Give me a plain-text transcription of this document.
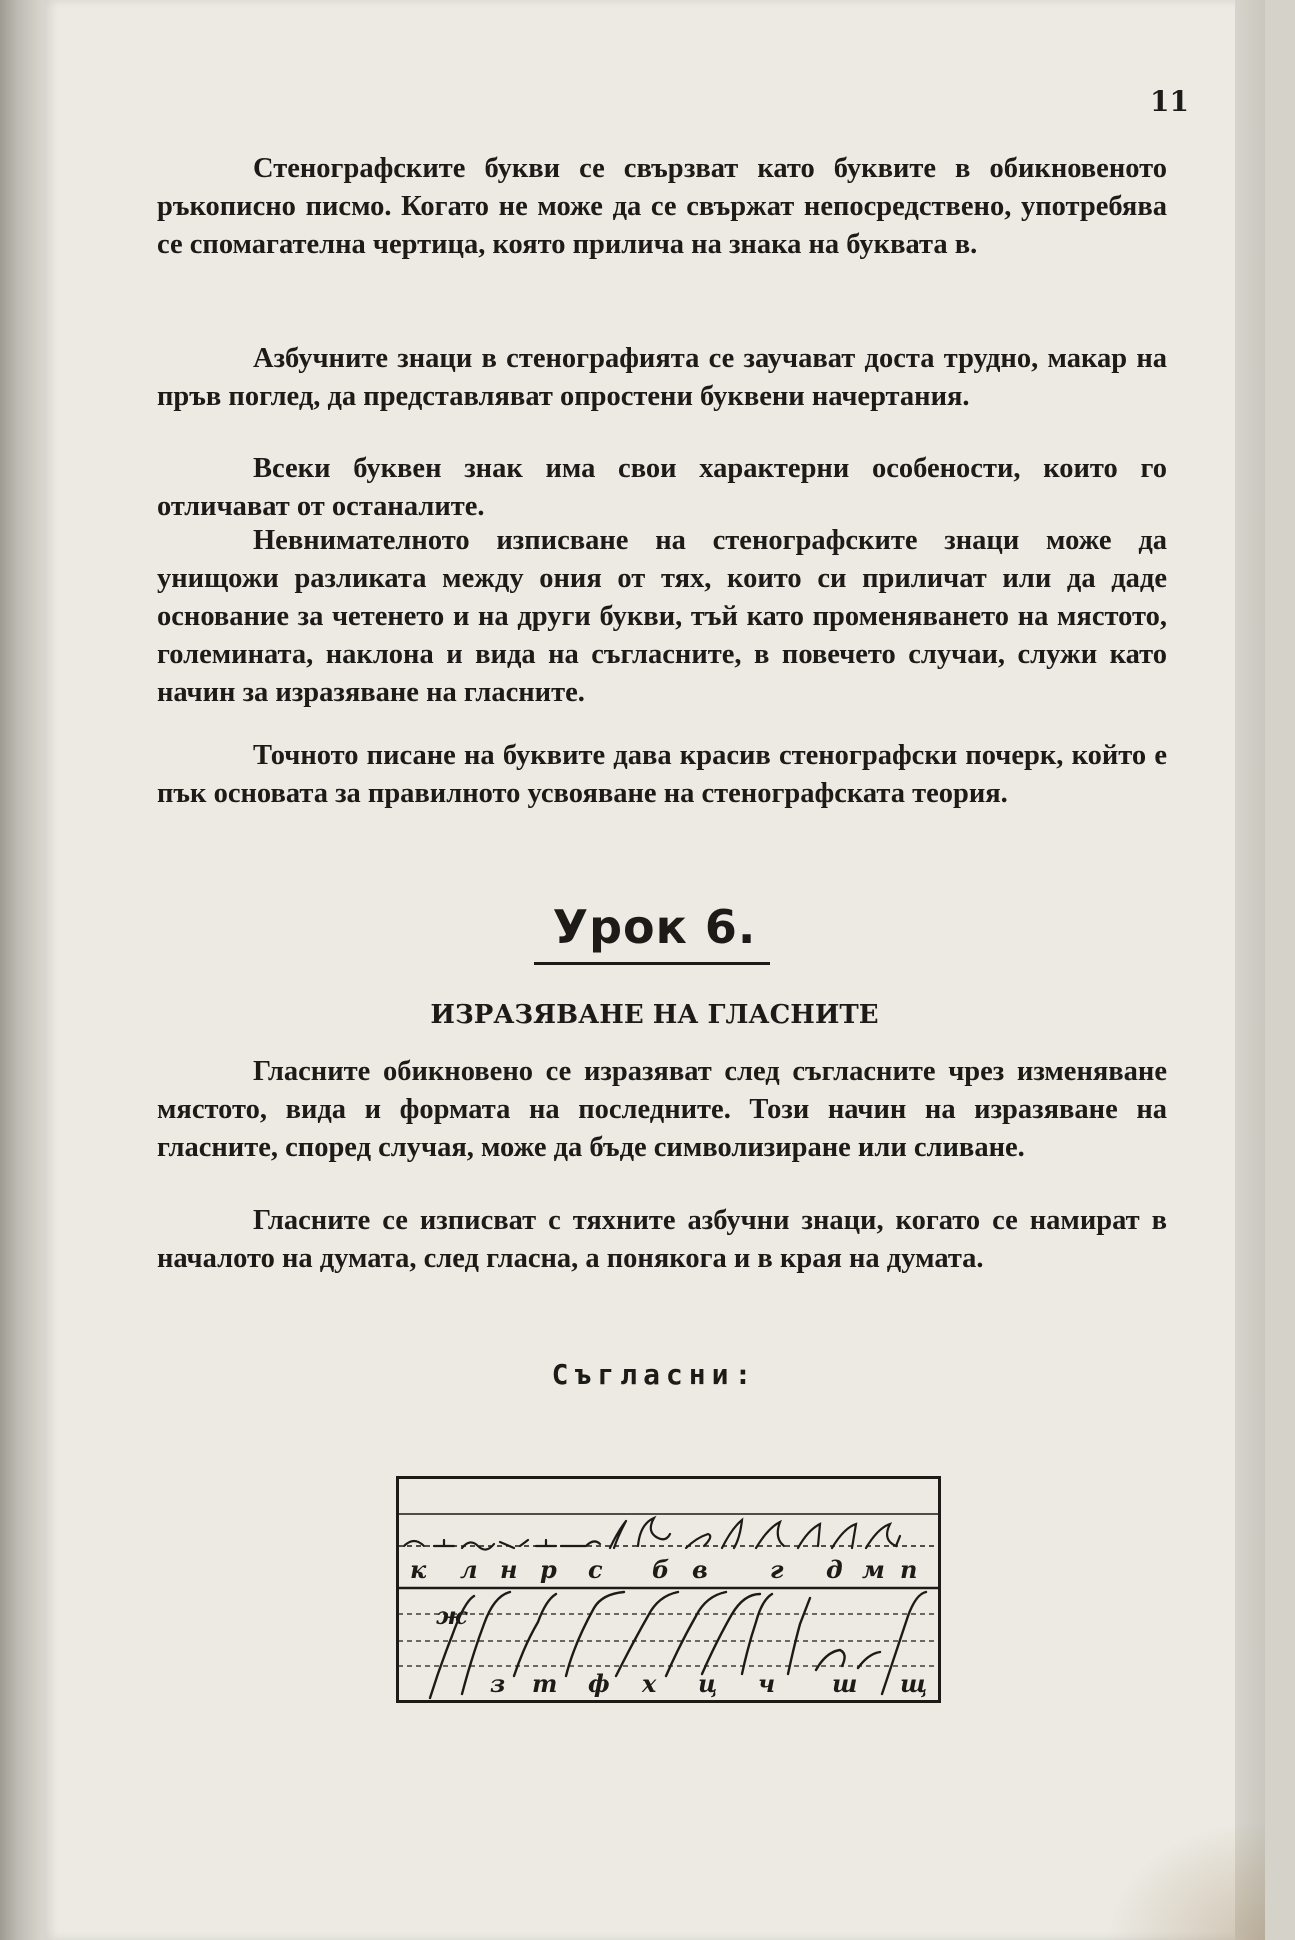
11

Стенографските букви се свързват като буквите в обикновеното ръкописно писмо. Когато не може да се свържат непосредствено, употребява се спомагателна чертица, която прилича на знака на буквата в.

Азбучните знаци в стенографията се заучават доста трудно, макар на пръв поглед, да представляват опростени буквени начертания.

Всеки буквен знак има свои характерни особености, които го отличават от останалите.

Невнимателното изписване на стенографските знаци може да унищожи разликата между ония от тях, които си приличат или да даде основание за четенето и на други букви, тъй като променяването на мястото, големината, наклона и вида на съгласните, в повечето случаи, служи като начин за изразяване на гласните.

Точното писане на буквите дава красив стенографски почерк, който е пък основата за правилното усвояване на стенографската теория.

Урок 6.
ИЗРАЗЯВАНЕ НА ГЛАСНИТЕ

Гласните обикновено се изразяват след съгласните чрез изменяване мястото, вида и формата на последните. Този начин на изразяване на гласните, според случая, може да бъде символизиране или сливане.

Гласните се изписват с тяхните азбучни знаци, когато се намират в началото на думата, след гласна, а понякога и в края на думата.

Съгласни:
к л н р с б в	г д м п
ж
з т ф х ц ч ш щ
